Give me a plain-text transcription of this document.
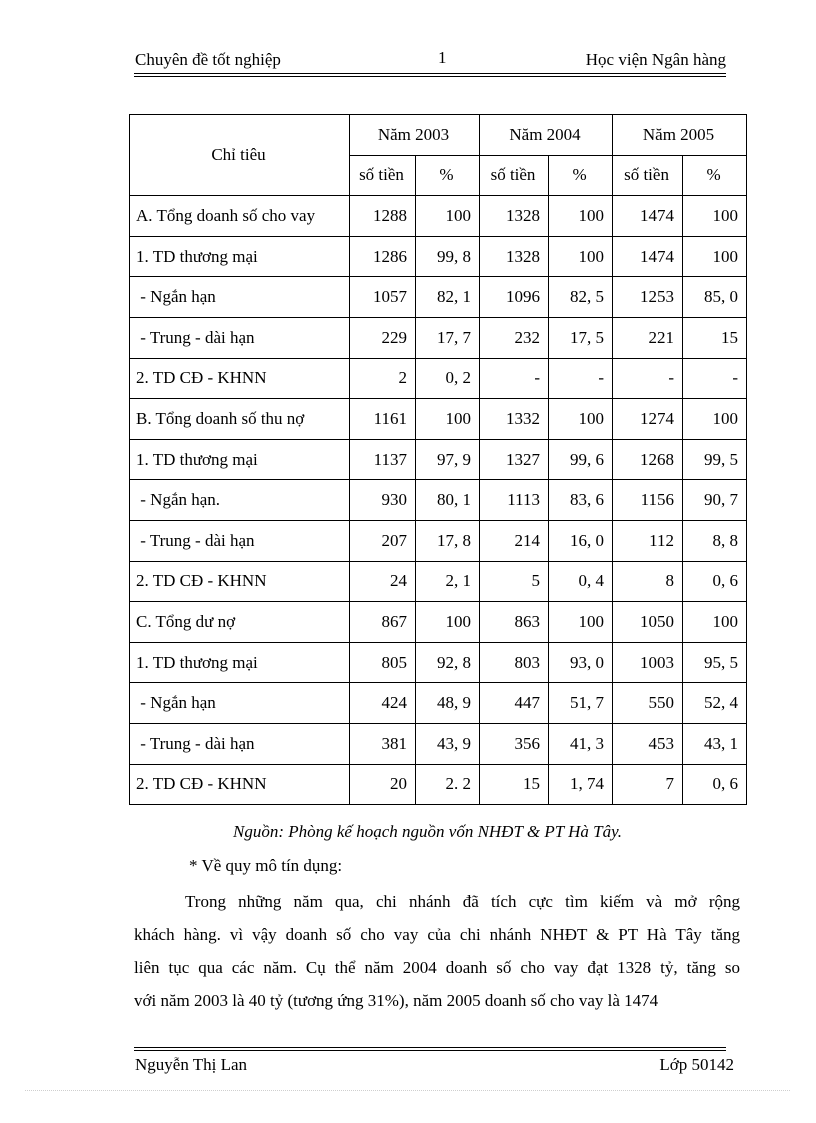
Chuyên đề tốt nghiệp	1	Học viện Ngân hàng
Chỉ tiêu	Năm 2003		Năm 2004		Năm 2005	
	số tiền	%	số tiền	%	số tiền	%
A. Tổng doanh số cho vay	1288	100	1328	100	1474	100
1. TD thương mại	1286	99, 8	1328	100	1474	100
- Ngắn hạn	1057	82, 1	1096	82, 5	1253	85, 0
- Trung - dài hạn	229	17, 7	232	17, 5	221	15
2. TD CĐ - KHNN	2	0, 2	-	-	-	-
B. Tổng doanh số thu nợ	1161	100	1332	100	1274	100
1. TD thương mại	1137	97, 9	1327	99, 6	1268	99, 5
- Ngắn hạn.	930	80, 1	1113	83, 6	1156	90, 7
- Trung - dài hạn	207	17, 8	214	16, 0	112	8, 8
2. TD CĐ - KHNN	24	2, 1	5	0, 4	8	0, 6
C. Tổng dư nợ	867	100	863	100	1050	100
1. TD thương mại	805	92, 8	803	93, 0	1003	95, 5
- Ngắn hạn	424	48, 9	447	51, 7	550	52, 4
- Trung - dài hạn	381	43, 9	356	41, 3	453	43, 1
2. TD CĐ - KHNN	20	2. 2	15	1, 74	7	0, 6
Nguồn: Phòng kế hoạch nguồn vốn NHĐT & PT Hà Tây.
* Về quy mô tín dụng:
Trong những năm qua, chi nhánh đã tích cực tìm kiếm và mở rộng
khách hàng. vì vậy doanh số cho vay của chi nhánh NHĐT & PT Hà Tây tăng
liên tục qua các năm. Cụ thể năm 2004 doanh số cho vay đạt 1328 tỷ, tăng so
với năm 2003 là 40 tỷ (tương ứng 31%), năm 2005 doanh số cho vay là 1474
Nguyễn Thị Lan	Lớp 50142
